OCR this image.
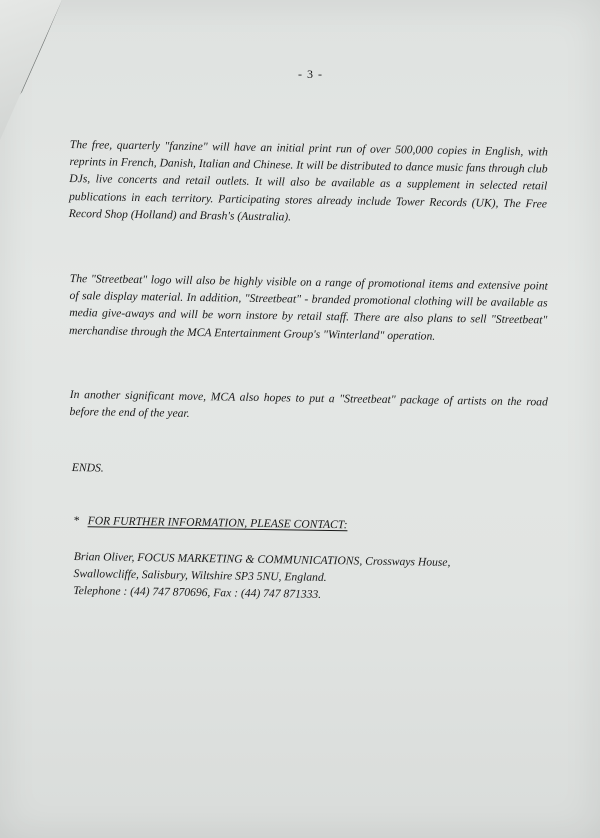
- 3 -

The free, quarterly "fanzine" will have an initial print run of over 500,000 copies in English, with reprints in French, Danish, Italian and Chinese. It will be distributed to dance music fans through club DJs, live concerts and retail outlets. It will also be available as a supplement in selected retail publications in each territory. Participating stores already include Tower Records (UK), The Free Record Shop (Holland) and Brash's (Australia).

The "Streetbeat" logo will also be highly visible on a range of promotional items and extensive point of sale display material. In addition, "Streetbeat" - branded promotional clothing will be available as media give-aways and will be worn instore by retail staff. There are also plans to sell "Streetbeat" merchandise through the MCA Entertainment Group's "Winterland" operation.

In another significant move, MCA also hopes to put a "Streetbeat" package of artists on the road before the end of the year.

ENDS.
* FOR FURTHER INFORMATION, PLEASE CONTACT:
Brian Oliver, FOCUS MARKETING & COMMUNICATIONS, Crossways House,
Swallowcliffe, Salisbury, Wiltshire SP3 5NU, England.
Telephone : (44) 747 870696, Fax : (44) 747 871333.
